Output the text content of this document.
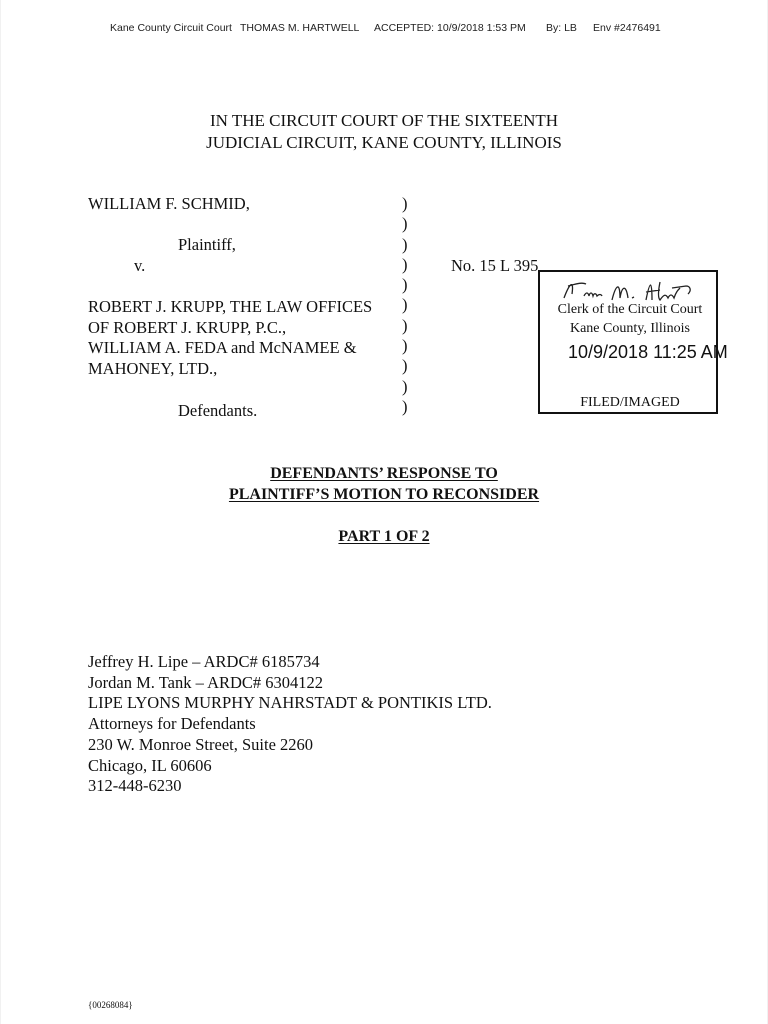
Kane County Circuit Court THOMAS M. HARTWELL ACCEPTED: 10/9/2018 1:53 PM By: LB Env #2476491
IN THE CIRCUIT COURT OF THE SIXTEENTH
JUDICIAL CIRCUIT, KANE COUNTY, ILLINOIS
WILLIAM F. SCHMID,
Plaintiff,
v.
ROBERT J. KRUPP, THE LAW OFFICES
OF ROBERT J. KRUPP, P.C.,
WILLIAM A. FEDA and McNAMEE &
MAHONEY, LTD.,
Defendants.
)
)
)
)
)
)
)
)
)
)
)
No. 15 L 395
Clerk of the Circuit Court
Kane County, Illinois
10/9/2018 11:25 AM
FILED/IMAGED
DEFENDANTS’ RESPONSE TO
PLAINTIFF’S MOTION TO RECONSIDER
PART 1 OF 2
Jeffrey H. Lipe – ARDC# 6185734
Jordan M. Tank – ARDC# 6304122
LIPE LYONS MURPHY NAHRSTADT & PONTIKIS LTD.
Attorneys for Defendants
230 W. Monroe Street, Suite 2260
Chicago, IL 60606
312-448-6230
{00268084}
